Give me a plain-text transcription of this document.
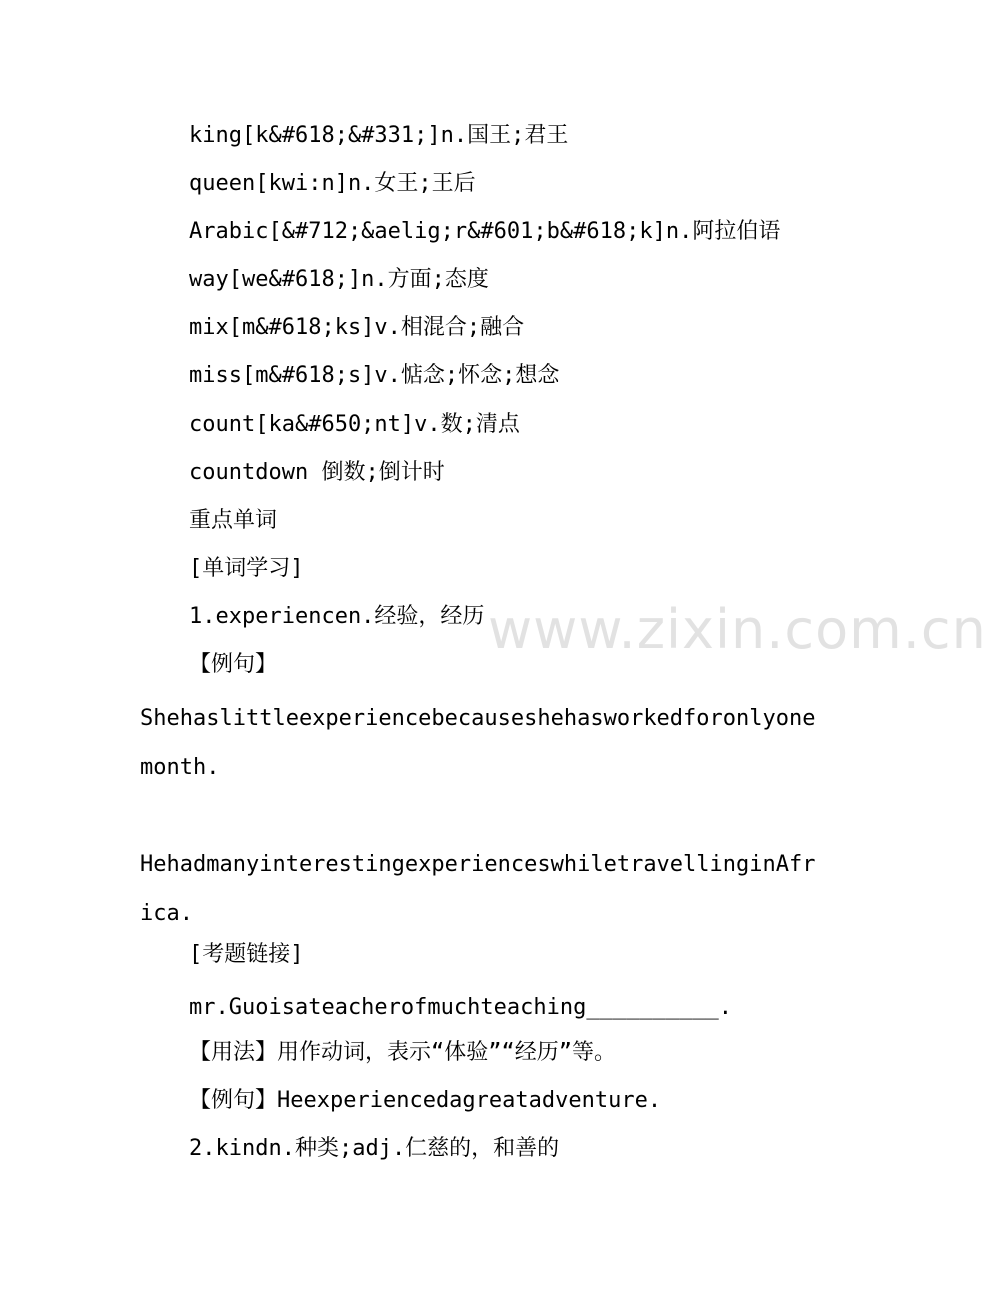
www.zixin.com.cn

king[k&#618;&#331;]n.国王;君王

queen[kwi:n]n.女王;王后

Arabic[&#712;&aelig;r&#601;b&#618;k]n.阿拉伯语

way[we&#618;]n.方面;态度

mix[m&#618;ks]v.相混合;融合

miss[m&#618;s]v.惦念;怀念;想念

count[ka&#650;nt]v.数;清点

countdown 倒数;倒计时

重点单词

[单词学习]

1.experiencen.经验，经历

【例句】

Shehaslittleexperiencebecauseshehasworkedforonlyone

month.

HehadmanyinterestingexperienceswhiletravellinginAfr

ica.

[考题链接]

mr.Guoisateacherofmuchteaching__________.

【用法】用作动词，表示“体验”“经历”等。

【例句】Heexperiencedagreatadventure.

2.kindn.种类;adj.仁慈的，和善的
